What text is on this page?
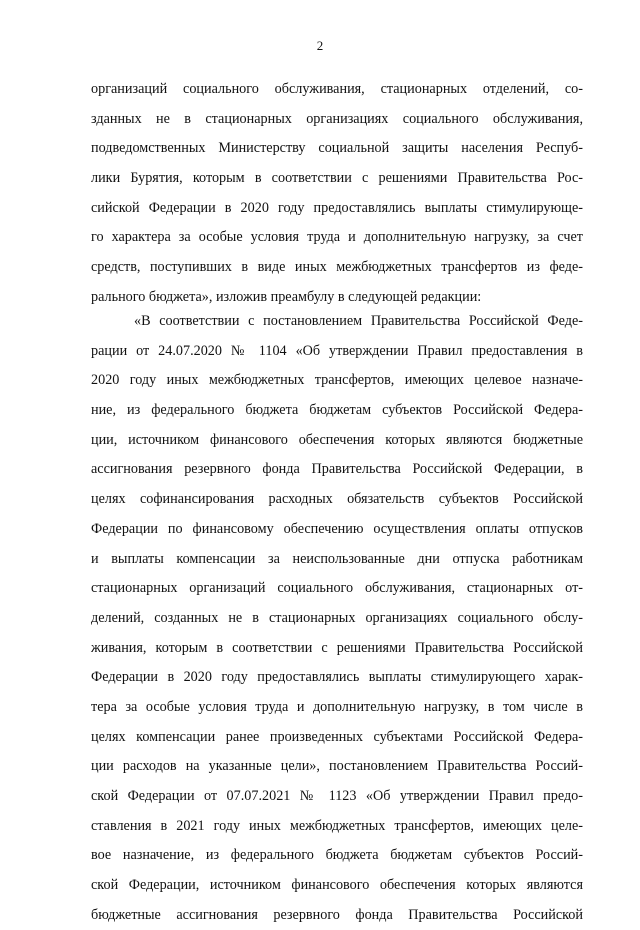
2
организаций социального обслуживания, стационарных отделений, со-
зданных не в стационарных организациях социального обслуживания,
подведомственных Министерству социальной защиты населения Респуб-
лики Бурятия, которым в соответствии с решениями Правительства Рос-
сийской Федерации в 2020 году предоставлялись выплаты стимулирующе-
го характера за особые условия труда и дополнительную нагрузку, за счет
средств, поступивших в виде иных межбюджетных трансфертов из феде-
рального бюджета», изложив преамбулу в следующей редакции:
«В соответствии с постановлением Правительства Российской Феде-
рации от 24.07.2020 № 1104 «Об утверждении Правил предоставления в
2020 году иных межбюджетных трансфертов, имеющих целевое назначе-
ние, из федерального бюджета бюджетам субъектов Российской Федера-
ции, источником финансового обеспечения которых являются бюджетные
ассигнования резервного фонда Правительства Российской Федерации, в
целях софинансирования расходных обязательств субъектов Российской
Федерации по финансовому обеспечению осуществления оплаты отпусков
и выплаты компенсации за неиспользованные дни отпуска работникам
стационарных организаций социального обслуживания, стационарных от-
делений, созданных не в стационарных организациях социального обслу-
живания, которым в соответствии с решениями Правительства Российской
Федерации в 2020 году предоставлялись выплаты стимулирующего харак-
тера за особые условия труда и дополнительную нагрузку, в том числе в
целях компенсации ранее произведенных субъектами Российской Федера-
ции расходов на указанные цели», постановлением Правительства Россий-
ской Федерации от 07.07.2021 № 1123 «Об утверждении Правил предо-
ставления в 2021 году иных межбюджетных трансфертов, имеющих целе-
вое назначение, из федерального бюджета бюджетам субъектов Россий-
ской Федерации, источником финансового обеспечения которых являются
бюджетные ассигнования резервного фонда Правительства Российской
